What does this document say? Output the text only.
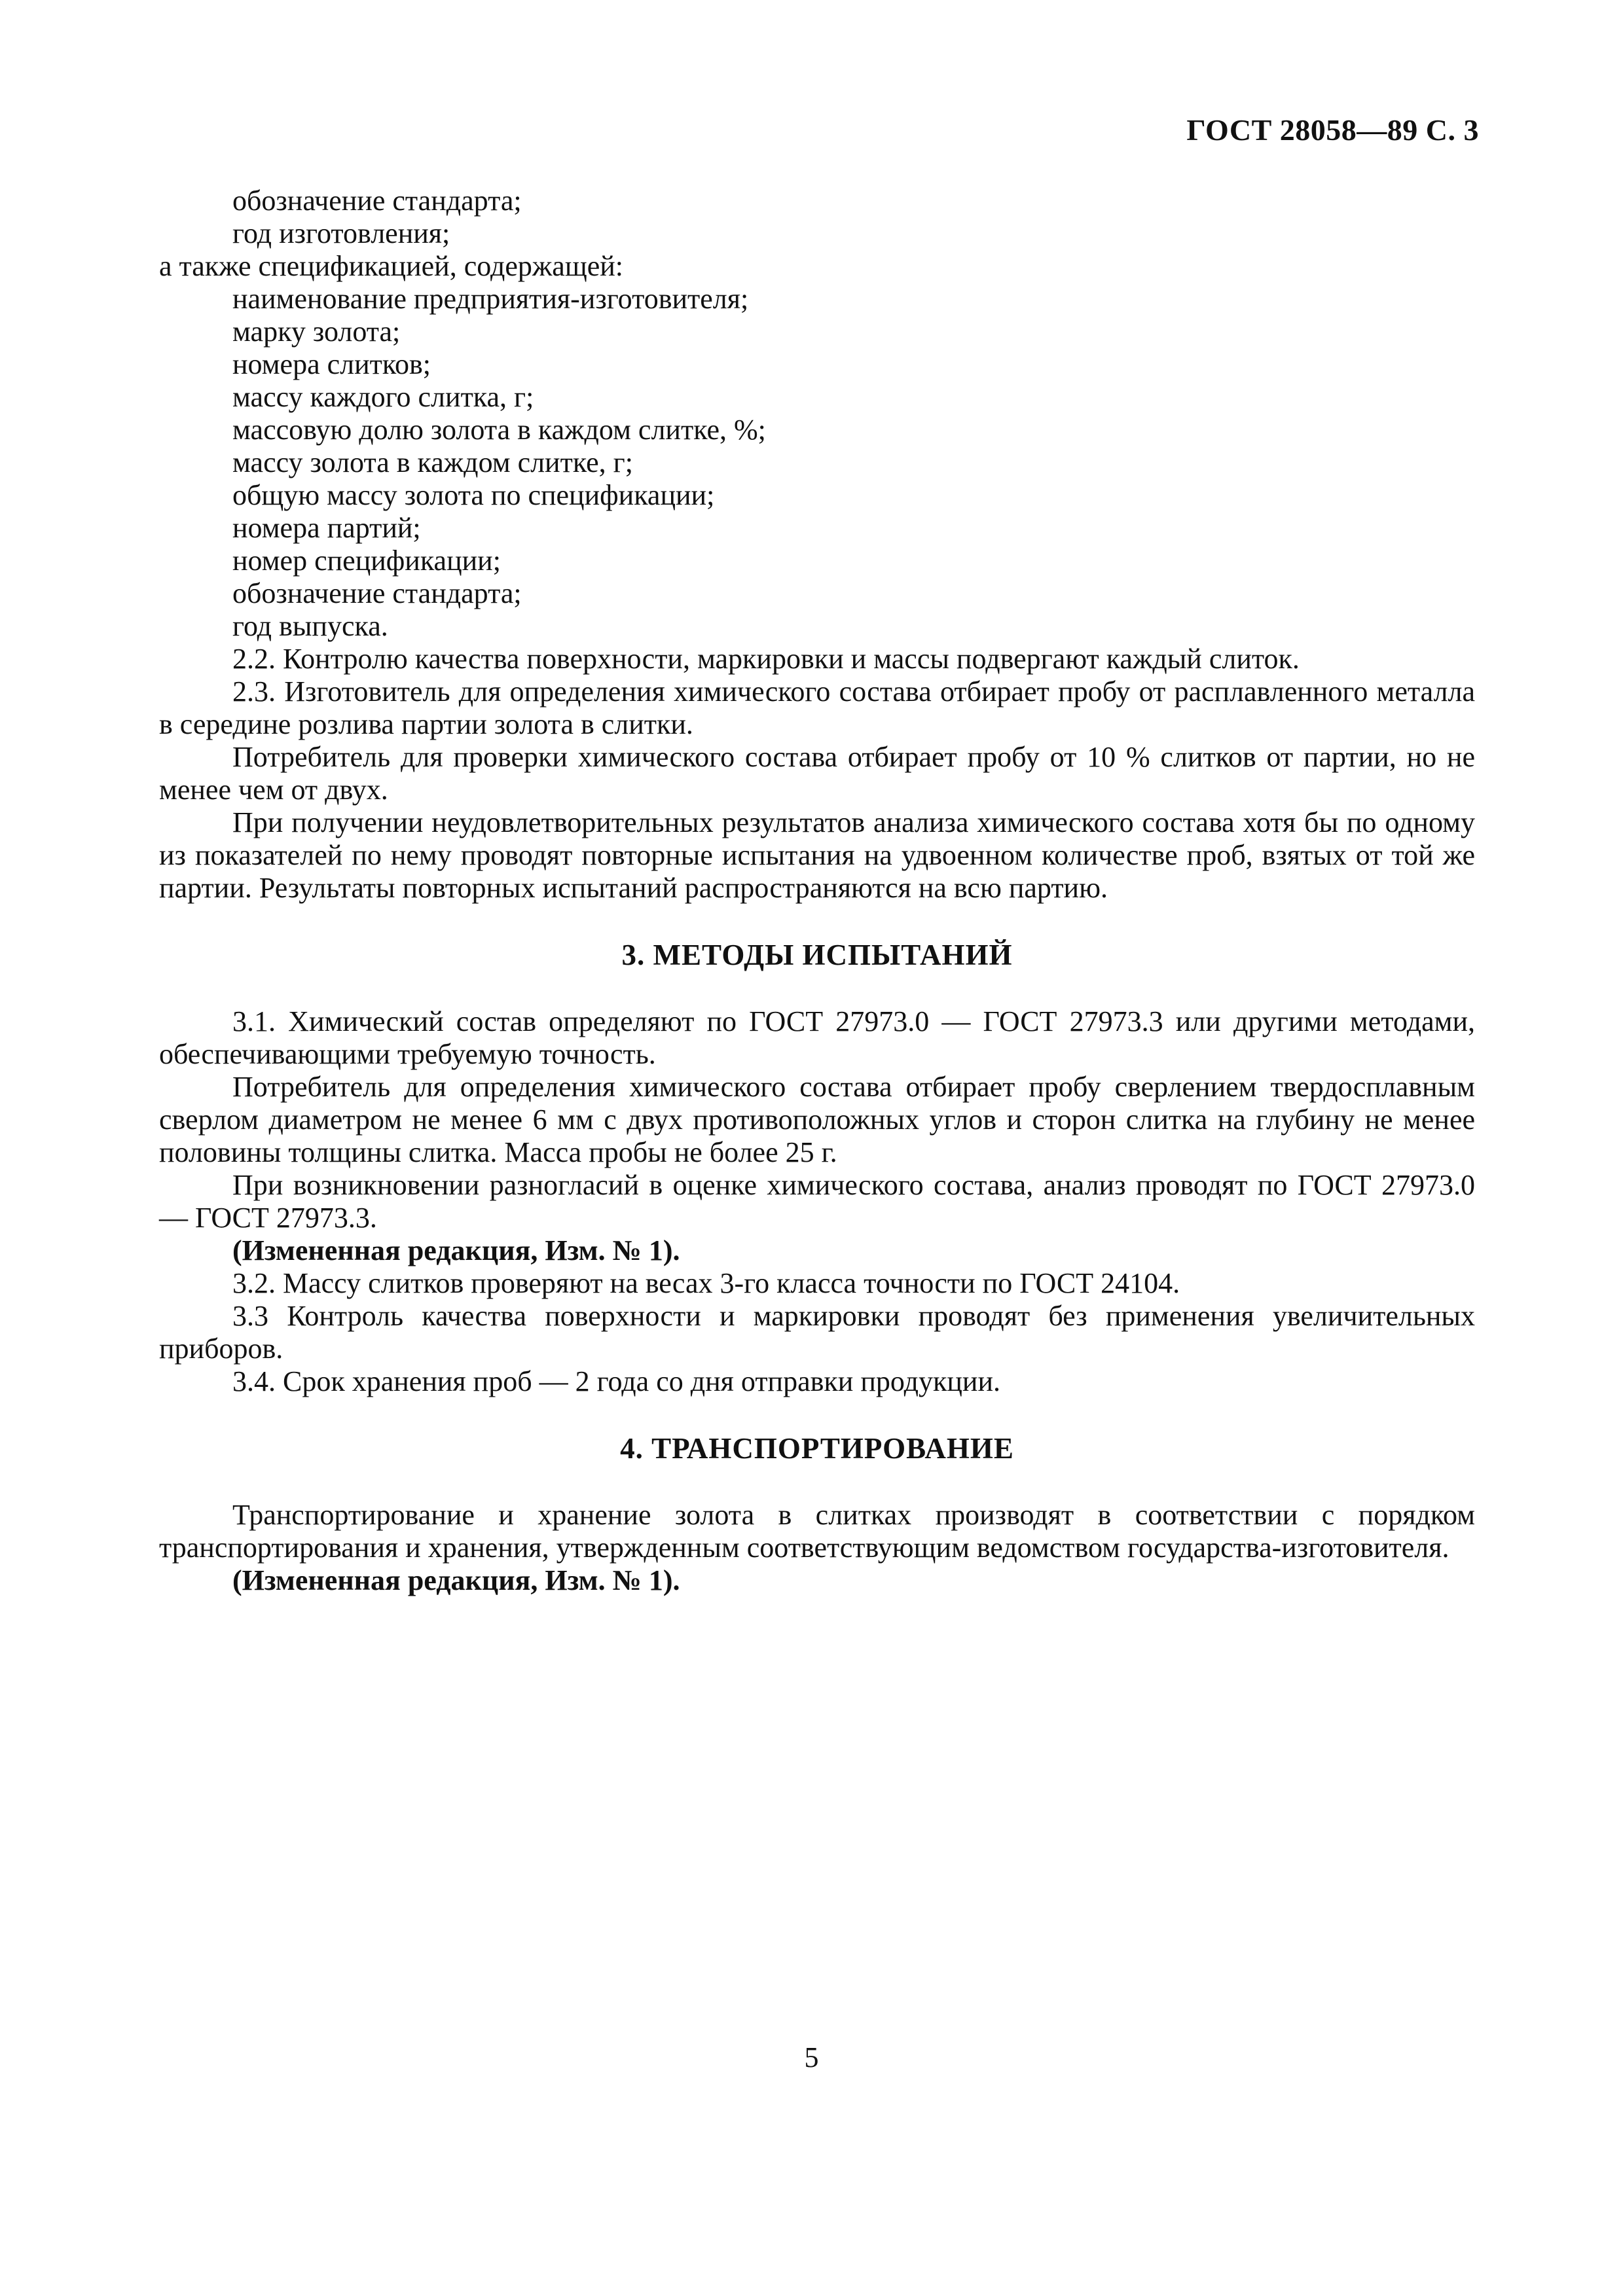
ГОСТ 28058—89 С. 3
обозначение стандарта;
год изготовления;
а также спецификацией, содержащей:
наименование предприятия-изготовителя;
марку золота;
номера слитков;
массу каждого слитка, г;
массовую долю золота в каждом слитке, %;
массу золота в каждом слитке, г;
общую массу золота по спецификации;
номера партий;
номер спецификации;
обозначение стандарта;
год выпуска.
2.2. Контролю качества поверхности, маркировки и массы подвергают каждый слиток.
2.3. Изготовитель для определения химического состава отбирает пробу от расплавленного металла в середине розлива партии золота в слитки.
Потребитель для проверки химического состава отбирает пробу от 10 % слитков от партии, но не менее чем от двух.
При получении неудовлетворительных результатов анализа химического состава хотя бы по одному из показателей по нему проводят повторные испытания на удвоенном количестве проб, взятых от той же партии. Результаты повторных испытаний распространяются на всю партию.
3. МЕТОДЫ ИСПЫТАНИЙ
3.1. Химический состав определяют по ГОСТ 27973.0 — ГОСТ 27973.3 или другими методами, обеспечивающими требуемую точность.
Потребитель для определения химического состава отбирает пробу сверлением твердосплавным сверлом диаметром не менее 6 мм с двух противоположных углов и сторон слитка на глубину не менее половины толщины слитка. Масса пробы не более 25 г.
При возникновении разногласий в оценке химического состава, анализ проводят по ГОСТ 27973.0 — ГОСТ 27973.3.
(Измененная редакция, Изм. № 1).
3.2. Массу слитков проверяют на весах 3-го класса точности по ГОСТ 24104.
3.3 Контроль качества поверхности и маркировки проводят без применения увеличительных приборов.
3.4. Срок хранения проб — 2 года со дня отправки продукции.
4. ТРАНСПОРТИРОВАНИЕ
Транспортирование и хранение золота в слитках производят в соответствии с порядком транспортирования и хранения, утвержденным соответствующим ведомством государства-изготовителя.
(Измененная редакция, Изм. № 1).
5
